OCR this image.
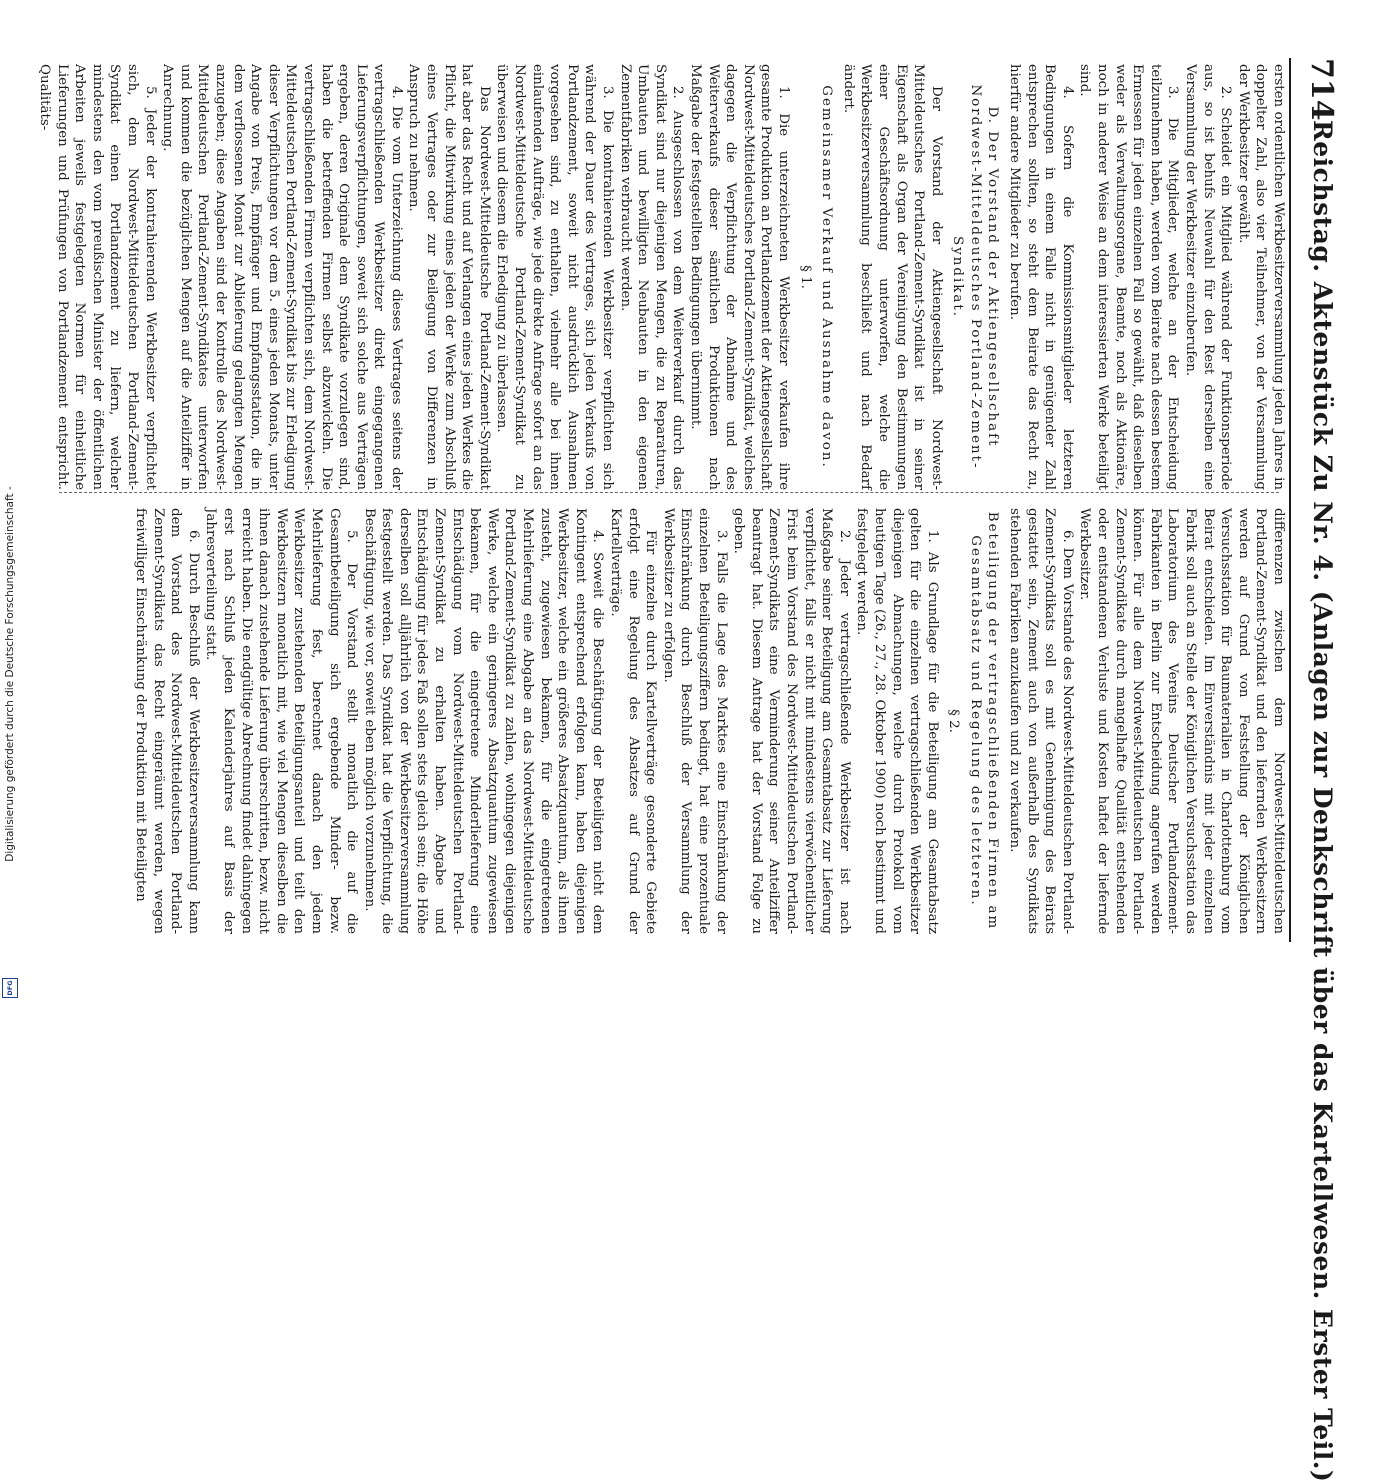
714
Reichstag. Aktenstück Zu Nr. 4. (Anlagen zur Denkschrift über das Kartellwesen. Erster Teil.)

ersten ordentlichen Werkbesitzerversammlung jeden Jahres in doppelter Zahl, also vier Teilnehmer, von der Versammlung der Werkbesitzer gewählt.

2. Scheidet ein Mitglied während der Funktionsperiode aus, so ist behufs Neuwahl für den Rest derselben eine Versammlung der Werkbesitzer einzuberufen.

3. Die Mitglieder, welche an der Entscheidung teilzunehmen haben, werden vom Beirate nach dessen bestem Ermessen für jeden einzelnen Fall so gewählt, daß dieselben weder als Verwaltungsorgane, Beamte, noch als Aktionäre, noch in anderer Weise an dem interessierten Werke beteiligt sind.

4. Sofern die Kommissionsmitglieder letzteren Bedingungen in einem Falle nicht in genügender Zahl entsprechen sollten, so steht dem Beirate das Recht zu, hierfür andere Mitglieder zu berufen.

D. Der Vorstand der Aktiengesellschaft Nordwest-Mitteldeutsches Portland-Zement-Syndikat.

Der Vorstand der Aktiengesellschaft Nordwest-Mitteldeutsches Portland-Zement-Syndikat ist in seiner Eigenschaft als Organ der Vereinigung den Bestimmungen einer Geschäftsordnung unterworfen, welche die Werkbesitzerversammlung beschließt und nach Bedarf ändert.

Gemeinsamer Verkauf und Ausnahme davon.

§ 1.

1. Die unterzeichneten Werkbesitzer verkaufen ihre gesamte Produktion an Portlandzement der Aktiengesellschaft Nordwest-Mitteldeutsches Portland-Zement-Syndikat, welches dagegen die Verpflichtung der Abnahme und des Weiterverkaufs dieser sämtlichen Produktionen nach Maßgabe der festgestellten Bedingungen übernimmt.

2. Ausgeschlossen von dem Weiterverkauf durch das Syndikat sind nur diejenigen Mengen, die zu Reparaturen, Umbauten und bewilligten Neubauten in den eigenen Zementfabriken verbraucht werden.

3. Die kontrahierenden Werkbesitzer verpflichten sich während der Dauer des Vertrages, sich jeden Verkaufs von Portlandzement, soweit nicht ausdrücklich Ausnahmen vorgesehen sind, zu enthalten, vielmehr alle bei ihnen einlaufenden Aufträge, wie jede direkte Anfrage sofort an das Nordwest-Mitteldeutsche Portland-Zement-Syndikat zu überweisen und diesem die Erledigung zu überlassen.

Das Nordwest-Mitteldeutsche Portland-Zement-Syndikat hat aber das Recht und auf Verlangen eines jeden Werkes die Pflicht, die Mitwirkung eines jeden der Werke zum Abschluß eines Vertrages oder zur Beilegung von Differenzen in Anspruch zu nehmen.

4. Die vom Unterzeichnung dieses Vertrages seitens der vertragschließenden Werkbesitzer direkt eingegangenen Lieferungsverpflichtungen, soweit sich solche aus Verträgen ergeben, deren Originale dem Syndikate vorzulegen sind, haben die betreffenden Firmen selbst abzuwickeln. Die vertragschließenden Firmen verpflichten sich, dem Nordwest-Mitteldeutschen Portland-Zement-Syndikat bis zur Erledigung dieser Verpflichtungen vor dem 5. eines jeden Monats, unter Angabe von Preis, Empfänger und Empfangsstation, die in dem verflossenen Monat zur Ablieferung gelangten Mengen anzugeben; diese Angaben sind der Kontrolle des Nordwest-Mitteldeutschen Portland-Zement-Syndikates unterworfen und kommen die bezüglichen Mengen auf die Anteilziffer in Anrechnung.

5. Jeder der kontrahierenden Werkbesitzer verpflichtet sich, dem Nordwest-Mitteldeutschen Portland-Zement-Syndikat einen Portlandzement zu liefern, welcher mindestens den vom preußischen Minister der öffentlichen Arbeiten jeweils festgelegten Normen für einheitliche Lieferungen und Prüfungen von Portlandzement entspricht. Qualitäts-

differenzen zwischen dem Nordwest-Mitteldeutschen Portland-Zement-Syndikat und den liefernden Werkbesitzern werden auf Grund von Feststellung der Königlichen Versuchsstation für Baumaterialien in Charlottenburg vom Beirat entschieden. Im Einverständnis mit jeder einzelnen Fabrik soll auch an Stelle der Königlichen Versuchsstation das Laboratorium des Vereins Deutscher Portlandzement-Fabrikanten in Berlin zur Entscheidung angerufen werden können. Für alle dem Nordwest-Mitteldeutschen Portland-Zement-Syndikate durch mangelhafte Qualität entstehenden oder entstandenen Verluste und Kosten haftet der liefernde Werkbesitzer.

6. Dem Vorstande des Nordwest-Mitteldeutschen Portland-Zement-Syndikats soll es mit Genehmigung des Beirats gestattet sein, Zement auch von außerhalb des Syndikats stehenden Fabriken anzukaufen und zu verkaufen.

Beteiligung der vertragschließenden Firmen am Gesamtabsatz und Regelung des letzteren.

§ 2.

1. Als Grundlage für die Beteiligung am Gesamtabsatz gelten für die einzelnen vertragschließenden Werkbesitzer diejenigen Abmachungen, welche durch Protokoll vom heutigen Tage (26., 27., 28. Oktober 1900) noch bestimmt und festgelegt werden.

2. Jeder vertragschließende Werkbesitzer ist nach Maßgabe seiner Beteiligung am Gesamtabsatz zur Lieferung verpflichtet, falls er nicht mit mindestens vierwöchentlicher Frist beim Vorstand des Nordwest-Mitteldeutschen Portland-Zement-Syndikats eine Verminderung seiner Anteilziffer beantragt hat. Diesem Antrage hat der Vorstand Folge zu geben.

3. Falls die Lage des Marktes eine Einschränkung der einzelnen Beteiligungsziffern bedingt, hat eine prozentuale Einschränkung durch Beschluß der Versammlung der Werkbesitzer zu erfolgen.

Für einzelne durch Kartellverträge gesonderte Gebiete erfolgt eine Regelung des Absatzes auf Grund der Kartellverträge.

4. Soweit die Beschäftigung der Beteiligten nicht dem Kontingent entsprechend erfolgen kann, haben diejenigen Werkbesitzer, welche ein größeres Absatzquantum, als ihnen zusteht, zugewiesen bekamen, für die eingetretenen Mehrlieferung eine Abgabe an das Nordwest-Mitteldeutsche Portland-Zement-Syndikat zu zahlen, wohingegen diejenigen Werke, welche ein geringeres Absatzquantum zugewiesen bekamen, für die eingetretene Minderlieferung eine Entschädigung vom Nordwest-Mitteldeutschen Portland-Zement-Syndikat zu erhalten haben. Abgabe und Entschädigung für jedes Faß sollen stets gleich sein; die Höhe derselben soll alljährlich von der Werkbesitzerversammlung festgestellt werden. Das Syndikat hat die Verpflichtung, die Beschäftigung, wie vor, soweit eben möglich vorzunehmen.

5. Der Vorstand stellt monatlich die auf die Gesamtbeteiligung sich ergebende Minder- bezw. Mehrlieferung fest, berechnet danach den jedem Werkbesitzer zustehenden Beteiligungsanteil und teilt den Werkbesitzern monatlich mit, wie viel Mengen dieselben die ihnen danach zustehende Lieferung überschritten, bezw. nicht erreicht haben. Die endgültige Abrechnung findet dahingegen erst nach Schluß jeden Kalenderjahres auf Basis der Jahresverteilung statt.

6. Durch Beschluß der Werkbesitzerversammlung kann dem Vorstand des Nordwest-Mitteldeutschen Portland-Zement-Syndikats das Recht eingeräumt werden, wegen freiwilliger Einschränkung der Produktion mit Beteiligten

Digitalisierung gefördert durch die Deutsche Forschungsgemeinschaft -
DFG
